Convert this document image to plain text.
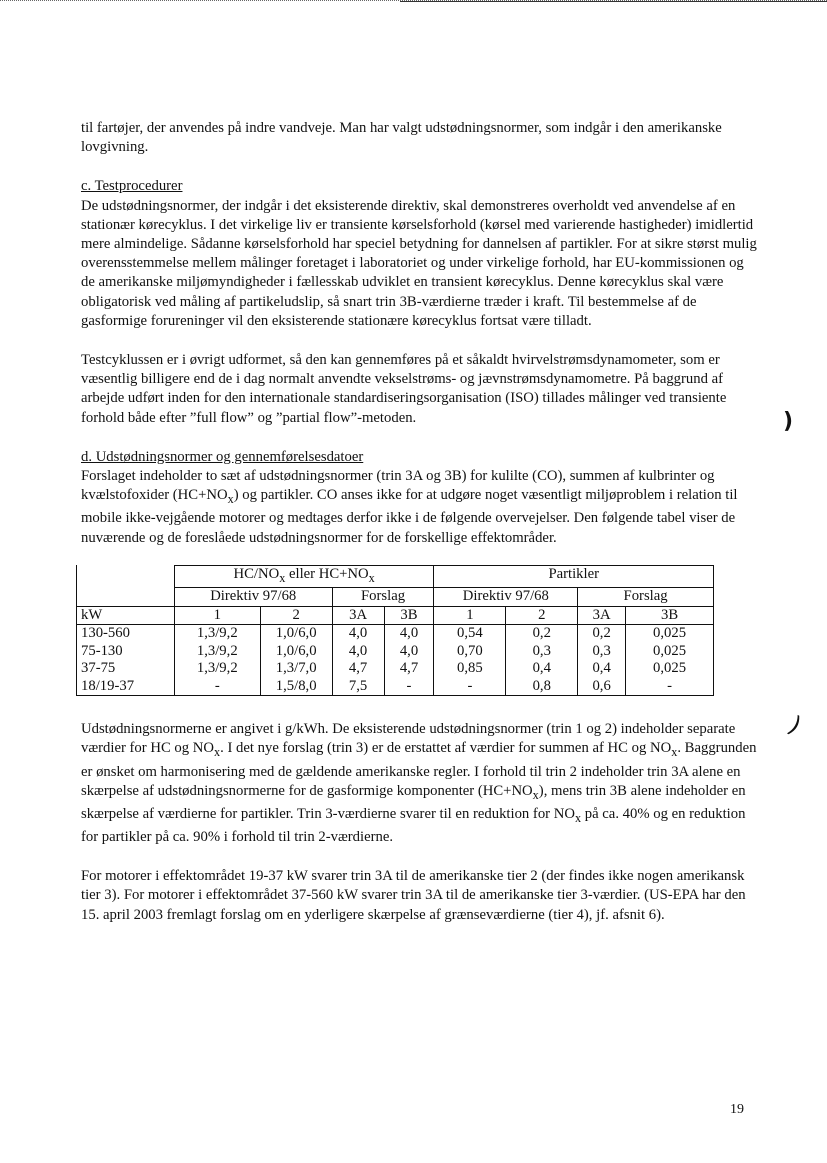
til fartøjer, der anvendes på indre vandveje. Man har valgt udstødningsnormer, som indgår i den amerikanske lovgivning.

c. Testprocedurer

De udstødningsnormer, der indgår i det eksisterende direktiv, skal demonstreres overholdt ved anvendelse af en stationær kørecyklus. I det virkelige liv er transiente kørselsforhold (kørsel med varierende hastigheder) imidlertid mere almindelige. Sådanne kørselsforhold har speciel betydning for dannelsen af partikler. For at sikre størst mulig overensstemmelse mellem målinger foretaget i laboratoriet og under virkelige forhold, har EU-kommissionen og de amerikanske miljømyndigheder i fællesskab udviklet en transient kørecyklus. Denne kørecyklus skal være obligatorisk ved måling af partikeludslip, så snart trin 3B-værdierne træder i kraft. Til bestemmelse af de gasformige forureninger vil den eksisterende stationære kørecyklus fortsat være tilladt.

Testcyklussen er i øvrigt udformet, så den kan gennemføres på et såkaldt hvirvelstrømsdynamometer, som er væsentlig billigere end de i dag normalt anvendte vekselstrøms- og jævnstrømsdynamometre. På baggrund af arbejde udført inden for den internationale standardiseringsorganisation (ISO) tillades målinger ved transiente forhold både efter ”full flow” og ”partial flow”-metoden.

d. Udstødningsnormer og gennemførelsesdatoer

Forslaget indeholder to sæt af udstødningsnormer (trin 3A og 3B) for kulilte (CO), summen af kulbrinter og kvælstofoxider $(HC+NO_x)$ og partikler. CO anses ikke for at udgøre noget væsentligt miljøproblem i relation til mobile ikke-vejgående motorer og medtages derfor ikke i de følgende overvejelser. Den følgende tabel viser de nuværende og de foreslåede udstødningsnormer for de forskellige effektområder.

	$HC/NO_x$ eller $HC+NO_x$				Partikler			
	Direktiv 97/68		Forslag		Direktiv 97/68		Forslag	
kW	1	2	3A	3B	1	2	3A	3B
130-560	1,3/9,2	1,0/6,0	4,0	4,0	0,54	0,2	0,2	0,025
75-130	1,3/9,2	1,0/6,0	4,0	4,0	0,70	0,3	0,3	0,025
37-75	1,3/9,2	1,3/7,0	4,7	4,7	0,85	0,4	0,4	0,025
18/19-37	-	1,5/8,0	7,5	-	-	0,8	0,6	-

Udstødningsnormerne er angivet i g/kWh. De eksisterende udstødningsnormer (trin 1 og 2) indeholder separate værdier for HC og $NO_x$. I det nye forslag (trin 3) er de erstattet af værdier for summen af HC og $NO_x$. Baggrunden er ønsket om harmonisering med de gældende amerikanske regler. I forhold til trin 2 indeholder trin 3A alene en skærpelse af udstødningsnormerne for de gasformige komponenter $(HC+NO_x)$, mens trin 3B alene indeholder en skærpelse af værdierne for partikler. Trin 3-værdierne svarer til en reduktion for $NO_x$ på ca. 40% og en reduktion for partikler på ca. 90% i forhold til trin 2-værdierne.

For motorer i effektområdet 19-37 kW svarer trin 3A til de amerikanske tier 2 (der findes ikke nogen amerikansk tier 3). For motorer i effektområdet 37-560 kW svarer trin 3A til de amerikanske tier 3-værdier. (US-EPA har den 15. april 2003 fremlagt forslag om en yderligere skærpelse af grænseværdierne (tier 4), jf. afsnit 6).

)
)
19
